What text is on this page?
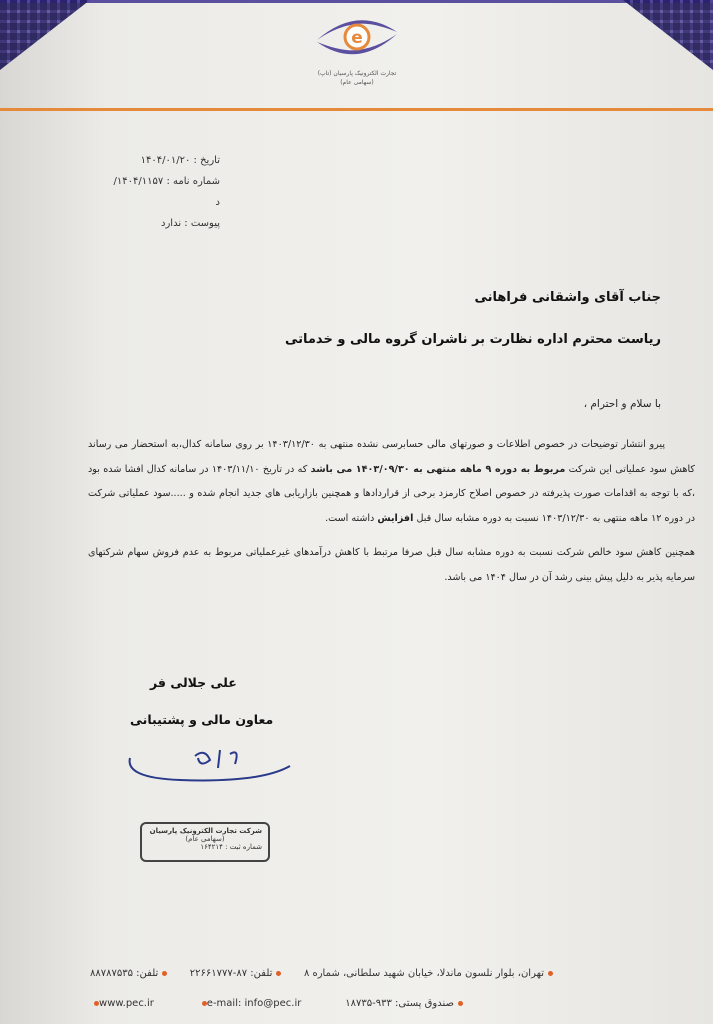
e
تجارت الکترونیک پارسیان (تاپ)
(سهامی عام)
تاریخ : ۱۴۰۴/۰۱/۲۰
شماره نامه : ۱۴۰۴/۱۱۵۷/د
پیوست : ندارد
جناب آقای واشقانی فراهانی
ریاست محترم اداره نظارت بر ناشران گروه مالی و خدماتی
با سلام و احترام ،

پیرو انتشار توضیحات در خصوص اطلاعات و صورتهای مالی حسابرسی نشده منتهی به ۱۴۰۳/۱۲/۳۰ بر روی سامانه کدال،به استحضار می رساند کاهش سود عملیاتی این شرکت مربوط به دوره ۹ ماهه منتهی به ۱۴۰۳/۰۹/۳۰ می باشد که در تاریخ ۱۴۰۳/۱۱/۱۰ در سامانه کدال افشا شده بود ،که با توجه به اقدامات صورت پذیرفته در خصوص اصلاح کارمزد برخی از قراردادها و همچنین بازاریابی های جدید انجام شده و .....سود عملیاتی شرکت در دوره ۱۲ ماهه منتهی به ۱۴۰۳/۱۲/۳۰ نسبت به دوره مشابه سال قبل افزایش داشته است.

همچنین کاهش سود خالص شرکت نسبت به دوره مشابه سال قبل صرفا مرتبط با کاهش درآمدهای غیرعملیاتی مربوط به عدم فروش سهام شرکتهای سرمایه پذیر به دلیل پیش بینی رشد آن در سال ۱۴۰۴ می باشد.

علی جلالی فر
معاون مالی و پشتیبانی
شرکت تجارت الکترونیک پارسیان
(سهامی عام)
شماره ثبت : ۱۶۴۲۱۴
تهران، بلوار نلسون ماندلا، خیابان شهید سلطانی، شماره ۸
تلفن: ۸۷-۲۲۶۶۱۷۷۷
تلفن: ۸۸۷۸۷۵۳۵
صندوق پستی: ۹۳۳-۱۸۷۳۵
e-mail: info@pec.ir
www.pec.ir
